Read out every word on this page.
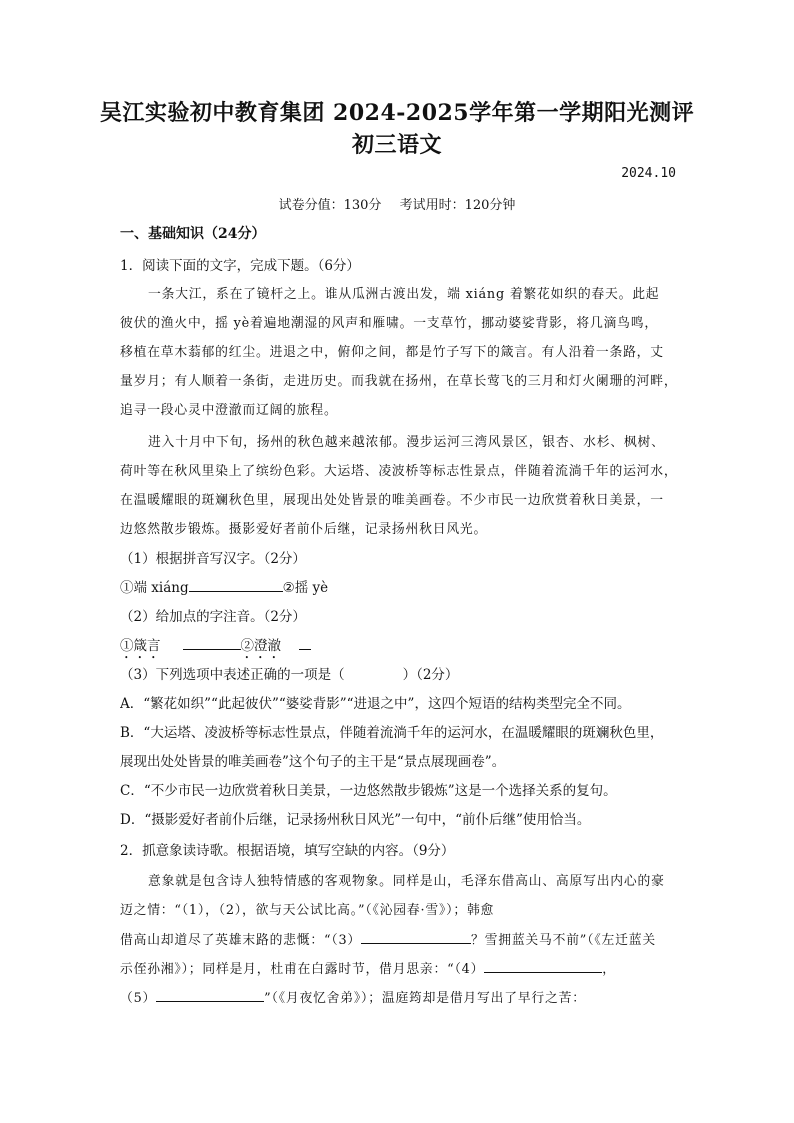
吴江实验初中教育集团 2024-2025学年第一学期阳光测评
初三语文
2024.10
试卷分值：130分 考试用时：120分钟
一、基础知识（24分）
1．阅读下面的文字，完成下题。（6分）
一条大江，系在了镜杆之上。谁从瓜洲古渡出发，端 xiáng 着繁花如织的春天。此起
彼伏的渔火中，摇 yè着遍地潮湿的风声和雁啸。一支草竹，挪动婆娑背影，将几滴鸟鸣，
移植在草木蓊郁的红尘。进退之中，俯仰之间，都是竹子写下的箴言。有人沿着一条路，丈
量岁月；有人顺着一条街，走进历史。而我就在扬州，在草长莺飞的三月和灯火阑珊的河畔，
追寻一段心灵中澄澈而辽阔的旅程。
进入十月中下旬，扬州的秋色越来越浓郁。漫步运河三湾风景区，银杏、水杉、枫树、
荷叶等在秋风里染上了缤纷色彩。大运塔、凌波桥等标志性景点，伴随着流淌千年的运河水，
在温暖耀眼的斑斓秋色里，展现出处处皆景的唯美画卷。不少市民一边欣赏着秋日美景，一
边悠然散步锻炼。摄影爱好者前仆后继，记录扬州秋日风光。
（1）根据拼音写汉字。（2分）
①端 xiáng	②摇 yè
（2）给加点的字注音。（2分）
①箴言	②澄澈
（3）下列选项中表述正确的一项是（	）（2分）
A．“繁花如织”“此起彼伏”“婆娑背影”“进退之中”，这四个短语的结构类型完全不同。
B．“大运塔、凌波桥等标志性景点，伴随着流淌千年的运河水，在温暖耀眼的斑斓秋色里，
展现出处处皆景的唯美画卷”这个句子的主干是“景点展现画卷”。
C．“不少市民一边欣赏着秋日美景，一边悠然散步锻炼”这是一个选择关系的复句。
D．“摄影爱好者前仆后继，记录扬州秋日风光”一句中，“前仆后继”使用恰当。
2．抓意象读诗歌。根据语境，填写空缺的内容。（9分）
意象就是包含诗人独特情感的客观物象。同样是山，毛泽东借高山、高原写出内心的豪
迈之情：“（1），（2），欲与天公试比高。”（《沁园春·雪》）；韩愈
借高山却道尽了英雄末路的悲慨：“（3）	？雪拥蓝关马不前”（《左迁蓝关
示侄孙湘》）；同样是月，杜甫在白露时节，借月思亲：“（4）	，
（5）	”（《月夜忆舍弟》）；温庭筠却是借月写出了早行之苦：
